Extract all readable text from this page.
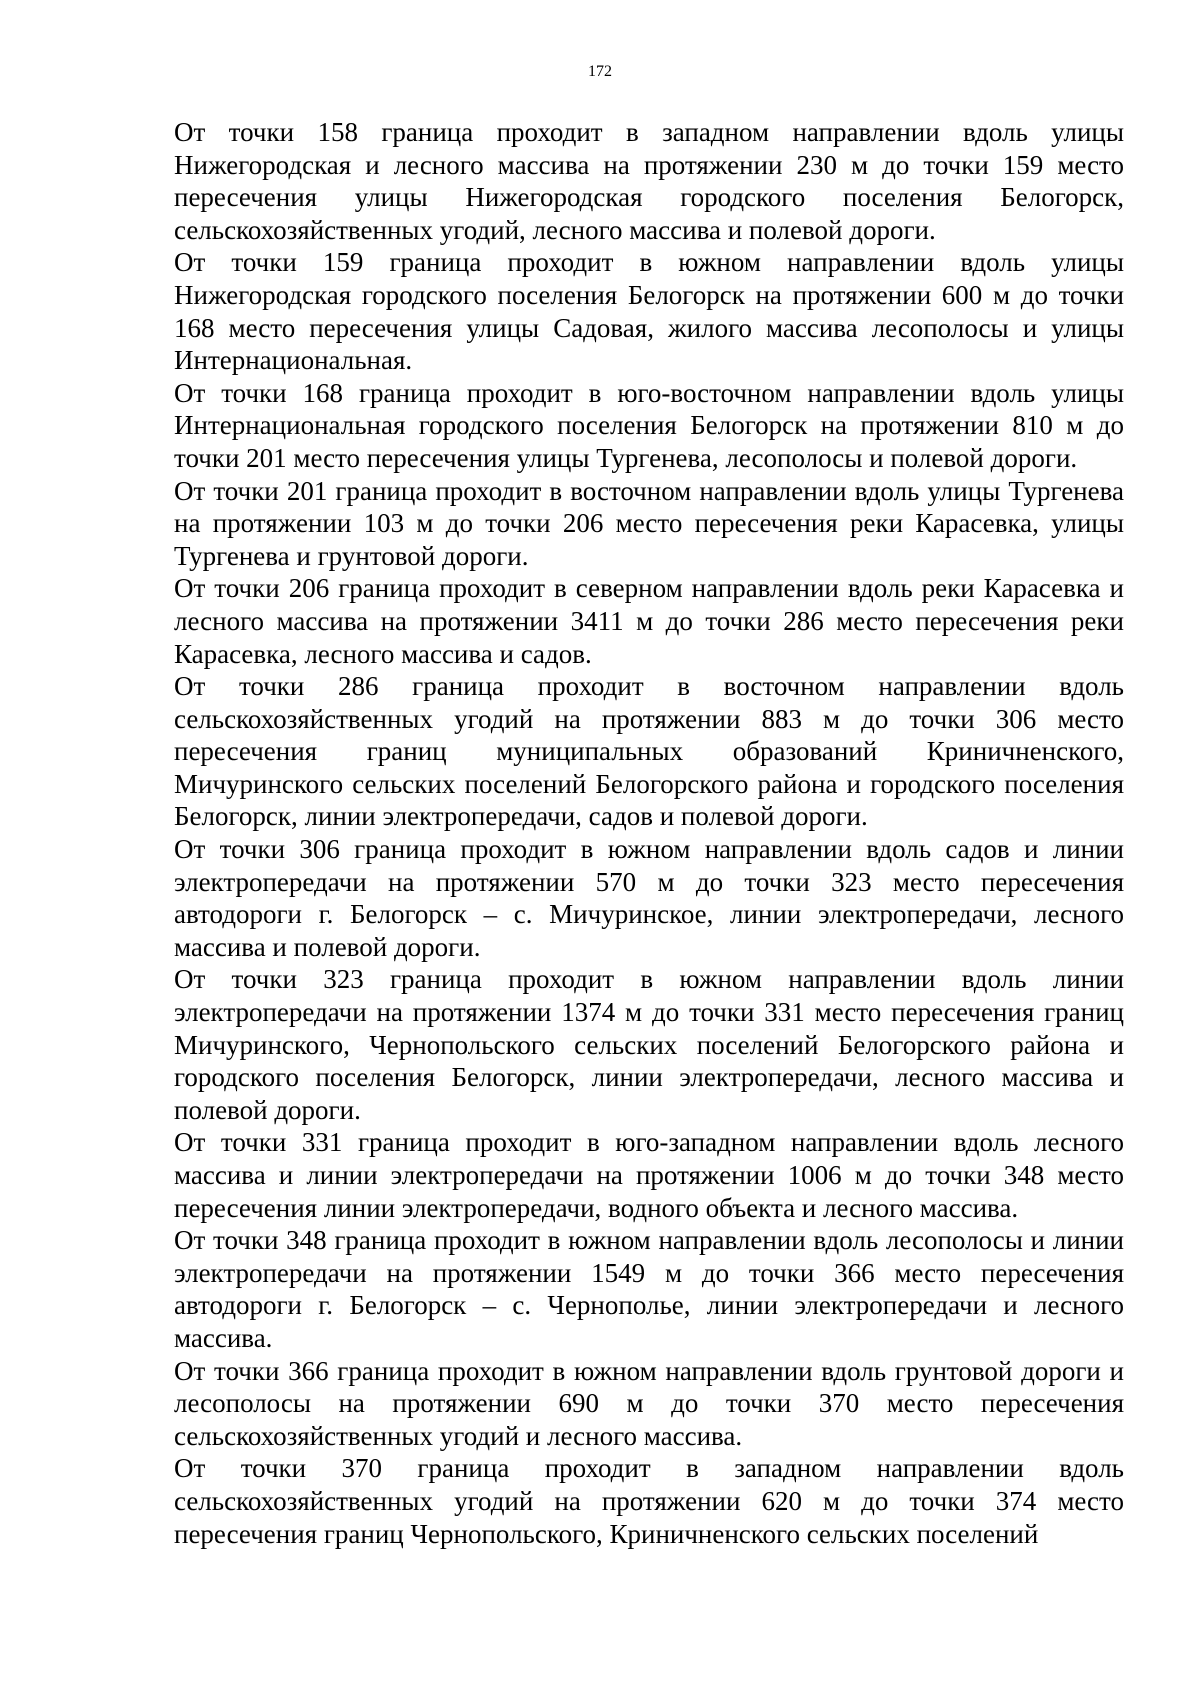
172

От точки 158 граница проходит в западном направлении вдоль улицы Нижегородская и лесного массива на протяжении 230 м до точки 159 место пересечения улицы Нижегородская городского поселения Белогорск, сельскохозяйственных угодий, лесного массива и полевой дороги.

От точки 159 граница проходит в южном направлении вдоль улицы Нижегородская городского поселения Белогорск на протяжении 600 м до точки 168 место пересечения улицы Садовая, жилого массива лесополосы и улицы Интернациональная.

От точки 168 граница проходит в юго-восточном направлении вдоль улицы Интернациональная городского поселения Белогорск на протяжении 810 м до точки 201 место пересечения улицы Тургенева, лесополосы и полевой дороги.

От точки 201 граница проходит в восточном направлении вдоль улицы Тургенева на протяжении 103 м до точки 206 место пересечения реки Карасевка, улицы Тургенева и грунтовой дороги.

От точки 206 граница проходит в северном направлении вдоль реки Карасевка и лесного массива на протяжении 3411 м до точки 286 место пересечения реки Карасевка, лесного массива и садов.

От точки 286 граница проходит в восточном направлении вдоль сельскохозяйственных угодий на протяжении 883 м до точки 306 место пересечения границ муниципальных образований Криничненского, Мичуринского сельских поселений Белогорского района и городского поселения Белогорск, линии электропередачи, садов и полевой дороги.

От точки 306 граница проходит в южном направлении вдоль садов и линии электропередачи на протяжении 570 м до точки 323 место пересечения автодороги г. Белогорск – с. Мичуринское, линии электропередачи, лесного массива и полевой дороги.

От точки 323 граница проходит в южном направлении вдоль линии электропередачи на протяжении 1374 м до точки 331 место пересечения границ Мичуринского, Чернопольского сельских поселений Белогорского района и городского поселения Белогорск, линии электропередачи, лесного массива и полевой дороги.

От точки 331 граница проходит в юго-западном направлении вдоль лесного массива и линии электропередачи на протяжении 1006 м до точки 348 место пересечения линии электропередачи, водного объекта и лесного массива.

От точки 348 граница проходит в южном направлении вдоль лесополосы и линии электропередачи на протяжении 1549 м до точки 366 место пересечения автодороги г. Белогорск – с. Чернополье, линии электропередачи и лесного массива.

От точки 366 граница проходит в южном направлении вдоль грунтовой дороги и лесополосы на протяжении 690 м до точки 370 место пересечения сельскохозяйственных угодий и лесного массива.

От точки 370 граница проходит в западном направлении вдоль сельскохозяйственных угодий на протяжении 620 м до точки 374 место пересечения границ Чернопольского, Криничненского сельских поселений
